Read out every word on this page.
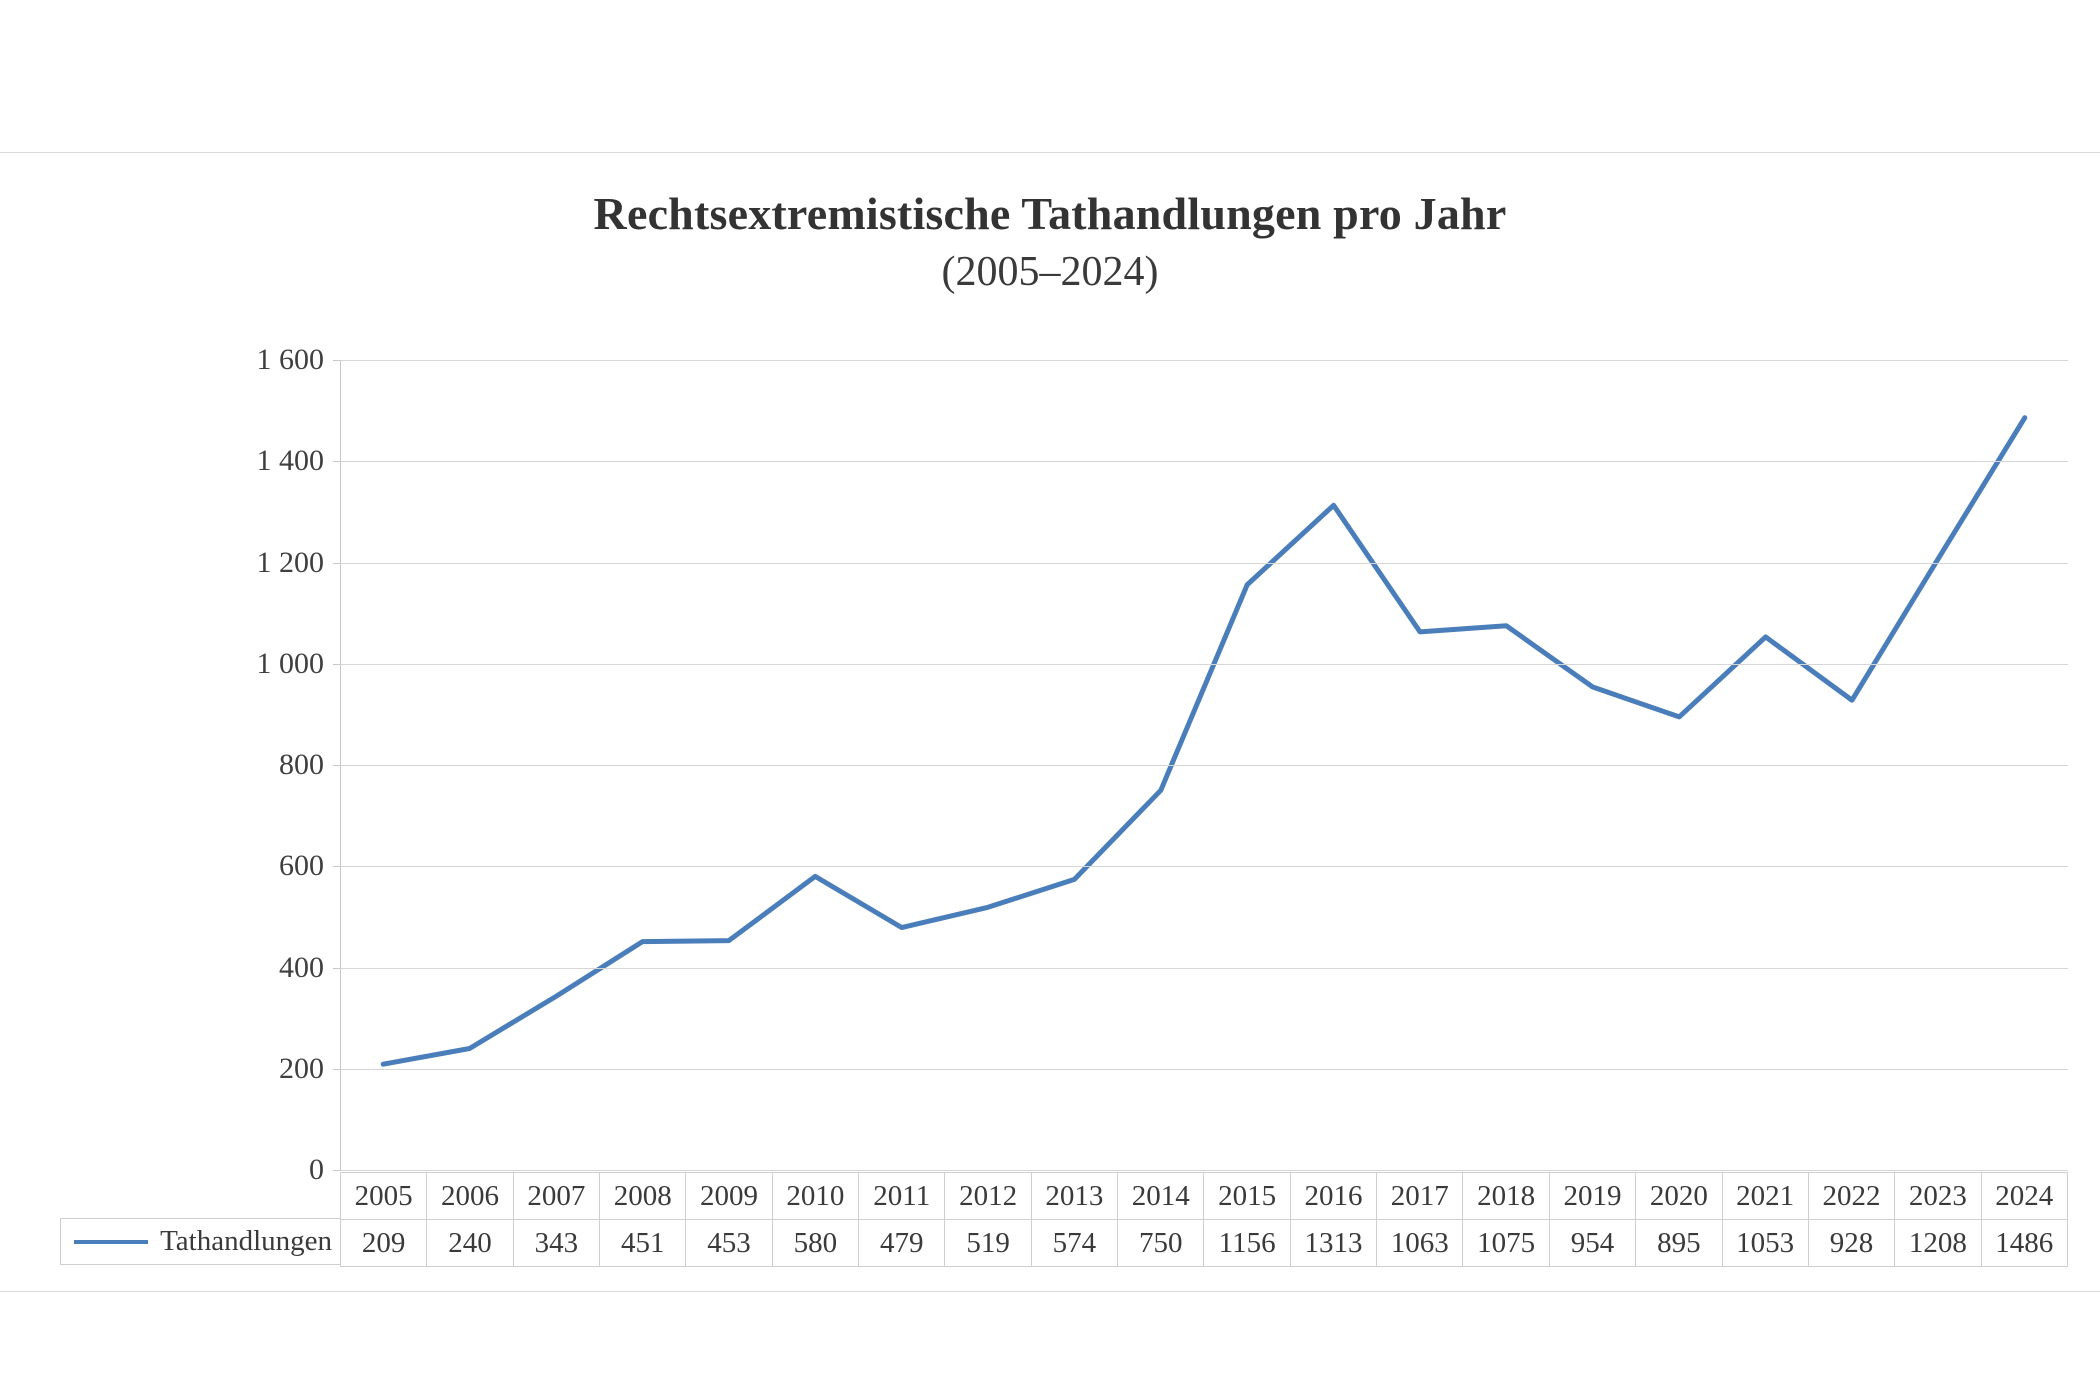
Rechtsextremistische Tathandlungen pro Jahr
(2005–2024)
1 600
1 400
1 200
1 000
800
600
400
200
0
Tathandlungen
2005	2006	2007	2008	2009	2010	2011	2012	2013	2014	2015	2016	2017	2018	2019	2020	2021	2022	2023	2024
209	240	343	451	453	580	479	519	574	750	1156	1313	1063	1075	954	895	1053	928	1208	1486
